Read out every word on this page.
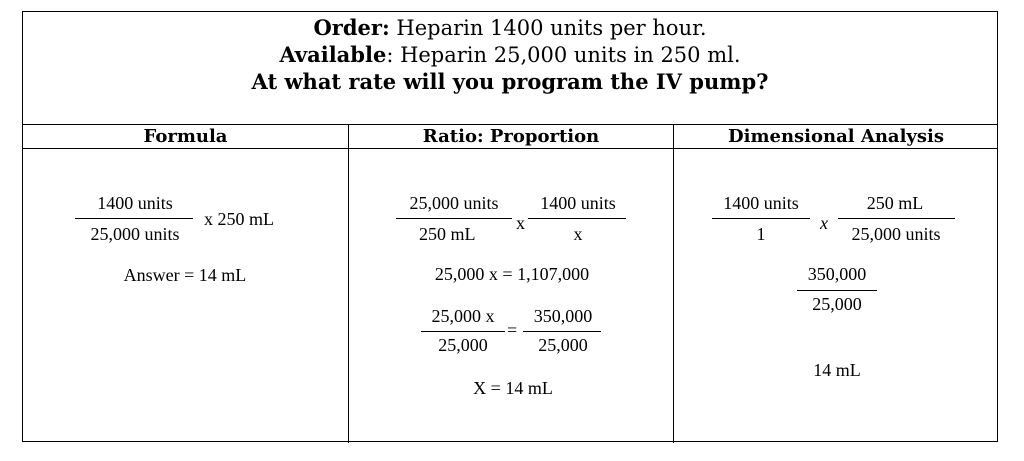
Order: Heparin 1400 units per hour.
Available: Heparin 25,000 units in 250 ml.
At what rate will you program the IV pump?
Formula	Ratio: Proportion	Dimensional Analysis
1400 units
25,000 units
x 250 mL
Answer = 14 mL
25,000 units
250 mL
x
1400 units
x
25,000 x = 1,107,000
25,000 x
25,000
=
350,000
25,000
X = 14 mL
1400 units
1
x
250 mL
25,000 units
350,000
25,000
14 mL
